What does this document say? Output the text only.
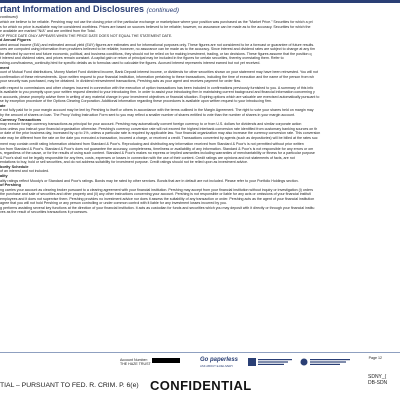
rtant Information and Disclosures (continued)
continued)
which we believe to be reliable. Pershing may not use the closing price of the particular exchange or marketplace where your position was purchased as the "Market Price." Securities for which a pri
s for which no price is available may be considered worthless. Prices are based on sources believed to be reliable; however, no assurance can be made as to the accuracy. Securities for which the
e available are marked "N/A" and are omitted from the Total.
OF PRICE DATE ONLY APPEARS WHEN THE PRICE DATE DOES NOT EQUAL THE STATEMENT DATE.
d Annual Figures
ated annual income (EAI) and estimated annual yield (EAY) figures are estimates and for informational purposes only. These figures are not considered to be a forecast or guarantee of future results.
ures are computed using information from providers believed to be reliable; however, no assurance can be made as to the accuracy. Since interest and dividend rates are subject to change at any tim
be affected by current and future economic, political, and business conditions, they should not be relied on for making investment, trading, or tax decisions. These figures assume that the position q
t interest and dividend rates, and prices remain constant. A capital gain or return of principal may be included in the figures for certain securities, thereby overstating them. Refer to
rshing.com/business_continuity.html for specific details as to formulas used to calculate the figures. Accrued interest represents interest earned but not yet received.
ment
ount of Mutual Fund distributions, Money Market Fund dividend income, Bank Deposit interest income, or dividends for other securities shown on your statement may have been reinvested. You will not
confirmation of these reinvestments. Upon written request to your financial institution, information pertaining to these transactions, including the time of execution and the name of the person from wh
your security was purchased, may be obtained. In dividend reinvestment transactions, Pershing acts as your agent and receives payment for order flow.
with respect to commissions and other charges incurred in connection with the execution of option transactions has been included in confirmations previously furnished to you. A summary of this info
is available to you promptly upon your written request directed to your introducing firm. In order to assist your introducing firm in maintaining current background and financial information concerning y
n accounts, please promptly advise them in writing of any material change in your investment objectives or financial situation. Expiring options which are valuable are exercised automatically pursuant to
se by exception procedure of the Options Clearing Corporation. Additional information regarding these procedures is available upon written request to your introducing firm.
ate
e not fully paid for in your margin account may be lent by Pershing to itself or others in accordance with the terms outlined in the Margin Agreement. The right to vote your shares held on margin may
by the amount of shares on loan. The Proxy Voting Instruction Form sent to you may reflect a smaller number of shares entitled to vote than the number of shares in your margin account.
Currency Transactions
may execute foreign currency transactions as principal for your account. Pershing may automatically convert foreign currency to or from U.S. dollars for dividends and similar corporate action
ions unless you instruct your financial organization otherwise. Pershing's currency conversion rate will not exceed the highest interbank conversion rate identified from customary banking sources on th
or date of the prior business day, increased by up to 1%, unless a particular rate is required by applicable law. Your financial organization may also increase the currency conversion rate. This conversion
rate may be different from the rate on the date you executed a transaction, incurred a charge, or received a credit. Transactions converted by agents (such as depositories) will be billed at the rates suc
ment may contain credit rating information obtained from Standard & Poor's. Reproducing and distributing any information received from Standard & Poor's is not permitted without prior written
ion from Standard & Poor's. Standard & Poor's does not guarantee the accuracy, completeness, timeliness or availability of any information. Standard & Poor's is not responsible for any errors or om
s, regardless of the cause, or for the results of using such content. Standard & Poor's makes no express or implied warranties including warranties of merchantability or fitness for a particular purpose
& Poor's shall not be legally responsible for any fees, costs, expenses or losses in connection with the use of their content. Credit ratings are opinions and not statements of facts, are not
endations to buy, hold or sell securities, and do not address suitability for investment purpose. Credit ratings should not be relied upon as investment advice.
bority Schedule
of an interest and not included.
ality
ality ratings reflect Moody's or Standard and Poor's ratings. Bonds may be rated by other services. Bonds that are in default are not included. Please refer to your Portfolio Holdings section.
of Pershing
ng carries your account as clearing broker pursuant to a clearing agreement with your financial institution. Pershing may accept from your financial institution without inquiry or investigation (i) orders
the purchase and sale of securities and other property and (ii) any other instructions concerning your account. Pershing is not responsible or liable for any acts or omissions of your financial instituti
employees and it does not supervise them. Pershing provides no investment advice nor does it assess the suitability of any transaction or order. Pershing acts as the agent of your financial institution
agree that you will not hold Pershing or any person controlling or under common control with it liable for any investment losses incurred by you.
g performs assisting several key functions at the direction of your financial institution. It acts as custodian for funds and securities which you may deposit with it directly or through your financial institu
ves as the result of securities transactions it processes.
Account Number:
THE HAZE TRUST
Go paperless
ASK ABOUT E-DELIVERY
Page 12
TIAL – PURSUANT TO FED. R. CRIM. P. 6(e) CONFIDENTIAL
SDNY_(
DB-SDN
